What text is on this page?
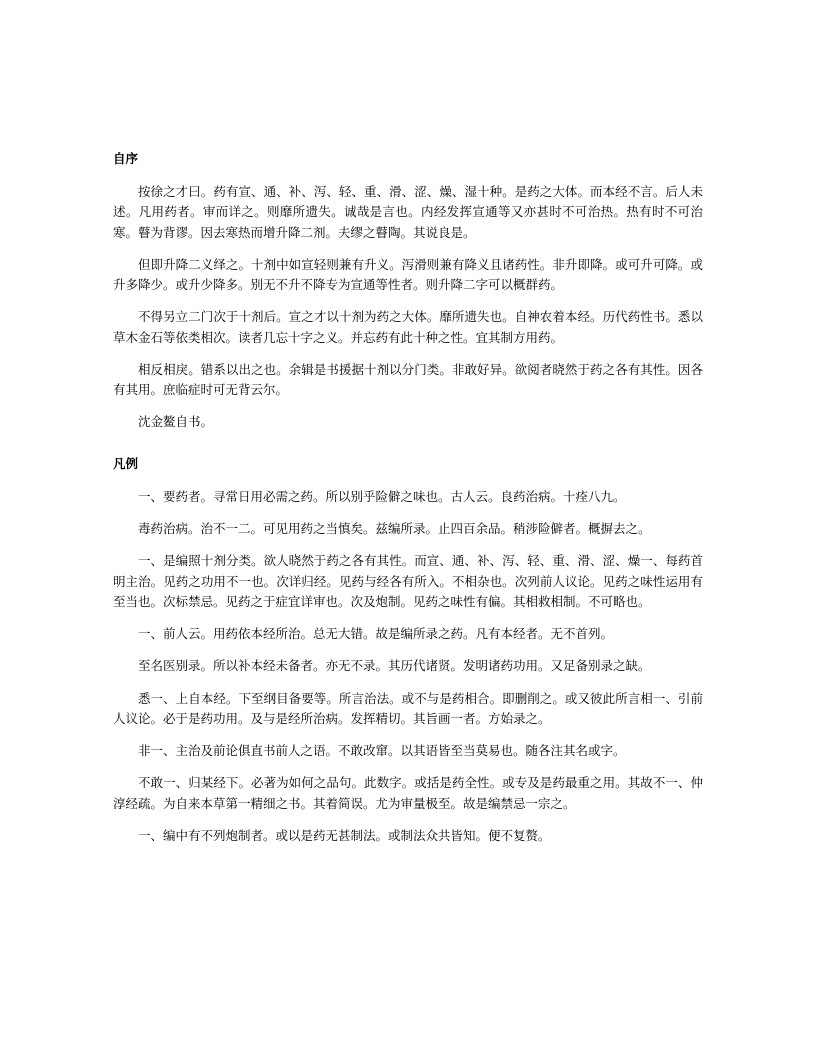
自序

按徐之才曰。药有宣、通、补、泻、轻、重、滑、涩、燥、湿十种。是药之大体。而本经不言。后人未述。凡用药者。审而详之。则靡所遗失。诚哉是言也。内经发挥宣通等又亦甚时不可治热。热有时不可治寒。瞽为背谬。因去寒热而增升降二剂。夫缪之瞽陶。其说良是。

但即升降二义绎之。十剂中如宣轻则兼有升义。泻滑则兼有降义且诸药性。非升即降。或可升可降。或升多降少。或升少降多。别无不升不降专为宣通等性者。则升降二字可以概群药。

不得另立二门次于十剂后。宣之才以十剂为药之大体。靡所遗失也。自神农着本经。历代药性书。悉以草木金石等依类相次。读者几忘十字之义。并忘药有此十种之性。宜其制方用药。

相反相戾。错系以出之也。余辑是书援据十剂以分门类。非敢好异。欲阅者晓然于药之各有其性。因各有其用。庶临症时可无背云尔。

沈金鳌自书。

凡例

一、要药者。寻常日用必需之药。所以别乎险僻之味也。古人云。良药治病。十痊八九。

毒药治病。治不一二。可见用药之当慎矣。兹编所录。止四百余品。稍涉险僻者。概摒去之。

一、是编照十剂分类。欲人晓然于药之各有其性。而宣、通、补、泻、轻、重、滑、涩、燥一、每药首明主治。见药之功用不一也。次详归经。见药与经各有所入。不相杂也。次列前人议论。见药之味性运用有至当也。次标禁忌。见药之于症宜详审也。次及炮制。见药之味性有偏。其相救相制。不可略也。

一、前人云。用药依本经所治。总无大错。故是编所录之药。凡有本经者。无不首列。

至名医别录。所以补本经未备者。亦无不录。其历代诸贤。发明诸药功用。又足备别录之缺。

悉一、上自本经。下至纲目备要等。所言治法。或不与是药相合。即删削之。或又彼此所言相一、引前人议论。必于是药功用。及与是经所治病。发挥精切。其旨画一者。方始录之。

非一、主治及前论俱直书前人之语。不敢改窜。以其语皆至当莫易也。随各注其名或字。

不敢一、归某经下。必著为如何之品句。此数字。或括是药全性。或专及是药最重之用。其故不一、仲淳经疏。为自来本草第一精细之书。其着简误。尤为审量极至。故是编禁忌一宗之。

一、编中有不列炮制者。或以是药无甚制法。或制法众共皆知。便不复赘。
